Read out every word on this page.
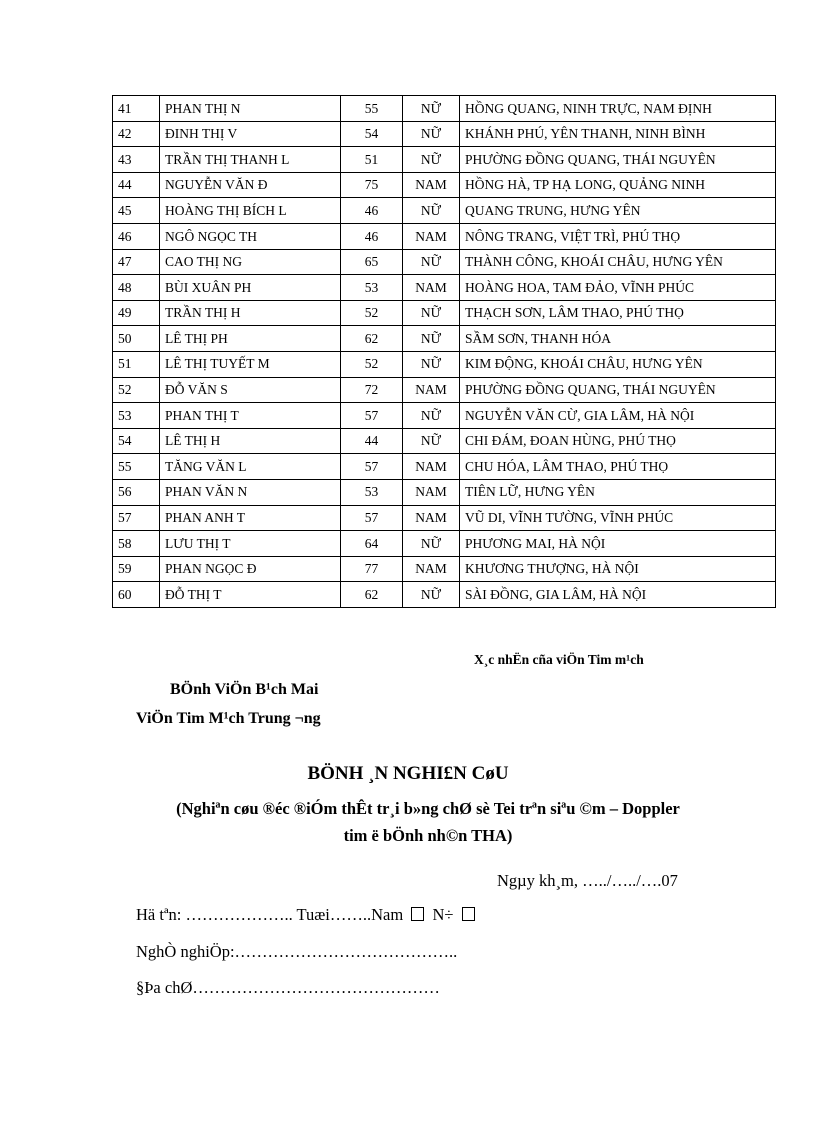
41	PHAN THỊ N	55	NỮ	HỒNG QUANG, NINH TRỰC, NAM ĐỊNH
42	ĐINH THỊ V	54	NỮ	KHÁNH PHÚ, YÊN THANH, NINH BÌNH
43	TRẦN THỊ THANH L	51	NỮ	PHƯỜNG ĐỒNG QUANG, THÁI NGUYÊN
44	NGUYỄN VĂN Đ	75	NAM	HỒNG HÀ, TP HẠ LONG, QUẢNG NINH
45	HOÀNG THỊ BÍCH L	46	NỮ	QUANG TRUNG, HƯNG YÊN
46	NGÔ NGỌC TH	46	NAM	NÔNG TRANG, VIỆT TRÌ, PHÚ THỌ
47	CAO THỊ NG	65	NỮ	THÀNH CÔNG, KHOÁI CHÂU, HƯNG YÊN
48	BÙI XUÂN PH	53	NAM	HOÀNG HOA, TAM ĐẢO, VĨNH PHÚC
49	TRẦN THỊ H	52	NỮ	THẠCH SƠN, LÂM THAO, PHÚ THỌ
50	LÊ THỊ PH	62	NỮ	SẦM SƠN, THANH HÓA
51	LÊ THỊ TUYẾT M	52	NỮ	KIM ĐỘNG, KHOÁI CHÂU, HƯNG YÊN
52	ĐỖ VĂN S	72	NAM	PHƯỜNG ĐỒNG QUANG, THÁI NGUYÊN
53	PHAN THỊ T	57	NỮ	NGUYỄN VĂN CỪ, GIA LÂM, HÀ NỘI
54	LÊ THỊ H	44	NỮ	CHI ĐÁM, ĐOAN HÙNG, PHÚ THỌ
55	TĂNG VĂN L	57	NAM	CHU HÓA, LÂM THAO, PHÚ THỌ
56	PHAN VĂN N	53	NAM	TIÊN LỮ, HƯNG YÊN
57	PHAN ANH T	57	NAM	VŨ DI, VĨNH TƯỜNG, VĨNH PHÚC
58	LƯU THỊ T	64	NỮ	PHƯƠNG MAI, HÀ NỘI
59	PHAN NGỌC Đ	77	NAM	KHƯƠNG THƯỢNG, HÀ NỘI
60	ĐỖ THỊ T	62	NỮ	SÀI ĐỒNG, GIA LÂM, HÀ NỘI
X¸c nhËn cña viÖn Tim m¹ch
BÖnh ViÖn B¹ch Mai
ViÖn Tim M¹ch Trung ¬ng
BÖNH ¸N NGHI£N CøU
(Nghiªn cøu ®éc ®iÓm thÊt tr¸i b»ng chØ sè Tei trªn siªu ©m – Doppler
tim ë bÖnh nh©n THA)
Ngµy kh¸m, …../…../….07
Hä tªn: ……………….. Tuæi……..Nam N÷
NghÒ nghiÖp:…………………………………..
§Þa chØ………………………………………
